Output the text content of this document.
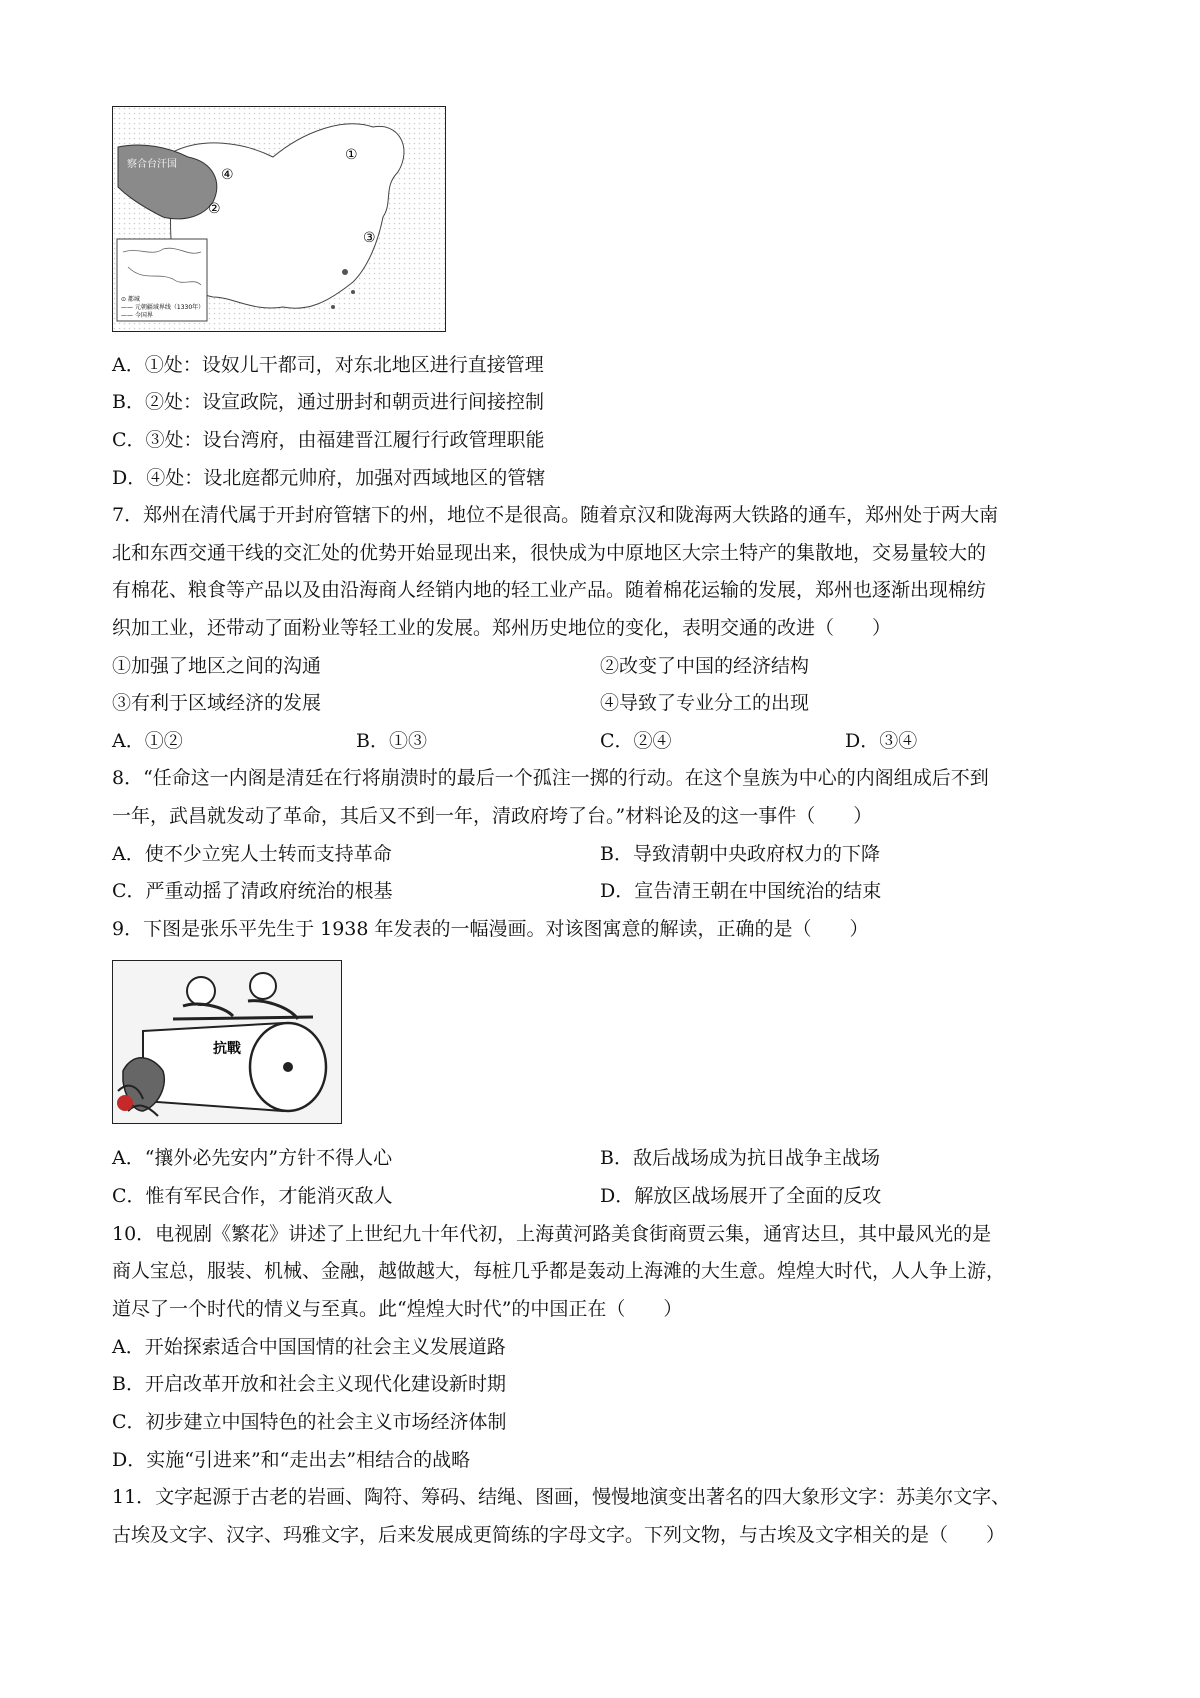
察合台汗国
①
④
②
③
⊙ 都城
—— 元朝疆域界线（1330年）
—— 今国界
A．①处：设奴儿干都司，对东北地区进行直接管理
B．②处：设宣政院，通过册封和朝贡进行间接控制
C．③处：设台湾府，由福建晋江履行行政管理职能
D．④处：设北庭都元帅府，加强对西域地区的管辖
7．郑州在清代属于开封府管辖下的州，地位不是很高。随着京汉和陇海两大铁路的通车，郑州处于两大南
北和东西交通干线的交汇处的优势开始显现出来，很快成为中原地区大宗土特产的集散地，交易量较大的
有棉花、粮食等产品以及由沿海商人经销内地的轻工业产品。随着棉花运输的发展，郑州也逐渐出现棉纺
织加工业，还带动了面粉业等轻工业的发展。郑州历史地位的变化，表明交通的改进（　　）
①加强了地区之间的沟通	②改变了中国的经济结构
③有利于区域经济的发展	④导致了专业分工的出现
A．①②	B．①③	C．②④	D．③④
8．“任命这一内阁是清廷在行将崩溃时的最后一个孤注一掷的行动。在这个皇族为中心的内阁组成后不到
一年，武昌就发动了革命，其后又不到一年，清政府垮了台。”材料论及的这一事件（　　）
A．使不少立宪人士转而支持革命	B．导致清朝中央政府权力的下降
C．严重动摇了清政府统治的根基	D．宣告清王朝在中国统治的结束
9．下图是张乐平先生于 1938 年发表的一幅漫画。对该图寓意的解读，正确的是（　　）
抗戰
A．“攘外必先安内”方针不得人心	B．敌后战场成为抗日战争主战场
C．惟有军民合作，才能消灭敌人	D．解放区战场展开了全面的反攻
10．电视剧《繁花》讲述了上世纪九十年代初，上海黄河路美食街商贾云集，通宵达旦，其中最风光的是
商人宝总，服装、机械、金融，越做越大，每桩几乎都是轰动上海滩的大生意。煌煌大时代，人人争上游，
道尽了一个时代的情义与至真。此“煌煌大时代”的中国正在（　　）
A．开始探索适合中国国情的社会主义发展道路
B．开启改革开放和社会主义现代化建设新时期
C．初步建立中国特色的社会主义市场经济体制
D．实施“引进来”和“走出去”相结合的战略
11．文字起源于古老的岩画、陶符、筹码、结绳、图画，慢慢地演变出著名的四大象形文字：苏美尔文字、
古埃及文字、汉字、玛雅文字，后来发展成更简练的字母文字。下列文物，与古埃及文字相关的是（　　）
